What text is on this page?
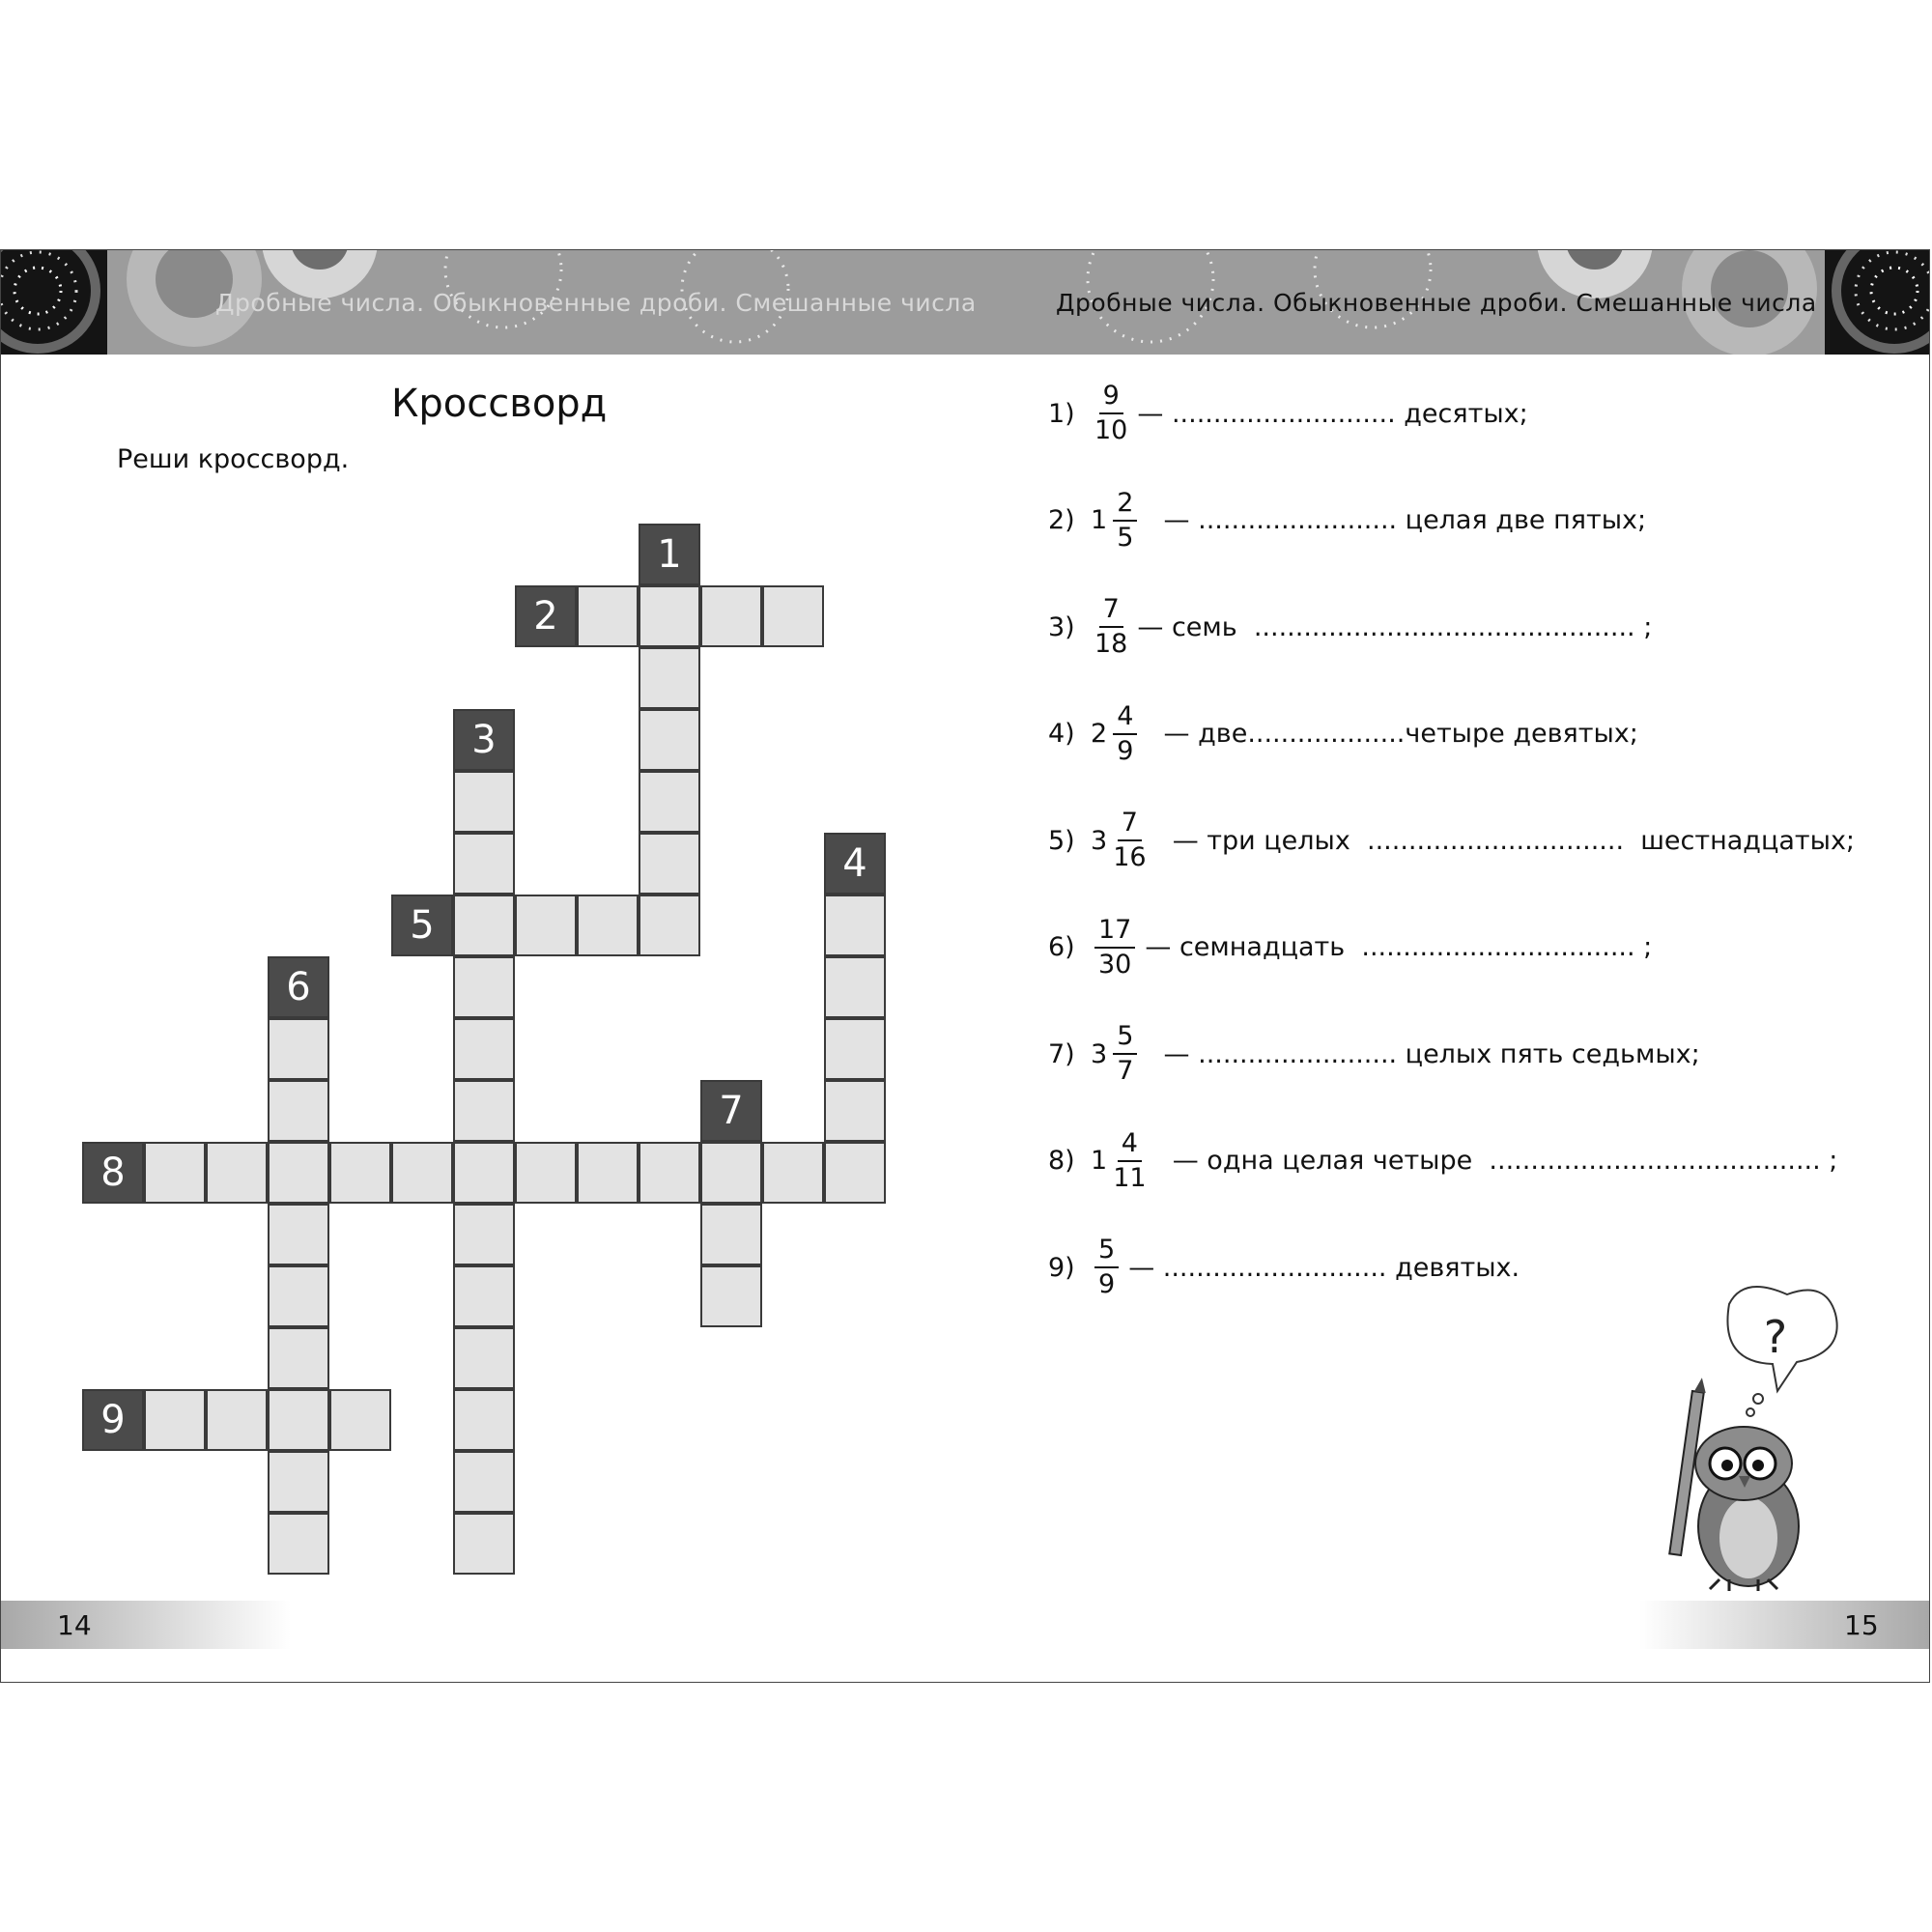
Дробные числа. Обыкновенные дроби. Смешанные числа	Дробные числа. Обыкновенные дроби. Смешанные числа
14	15
Кроссворд
Реши кроссворд.
1
2
3
4
5
6
7
8
9
$1) \frac{9}{10}$ — ........................... десятых;
2) $1 \frac{2}{5}$ — ........................ целая две пятых;
$3) \frac{7}{18}$ — семь  .............................................. ;
4) $2 \frac{4}{9}$ — две...................четыре девятых;
5) $3 \frac{7}{16}$ — три целых  ...............................  шестнадцатых;
$6) \frac{17}{30}$ — семнадцать  ................................. ;
7) $3 \frac{5}{7}$ — ........................ целых пять седьмых;
8) $1 \frac{4}{11}$ — одна целая четыре  ........................................ ;
$9) \frac{5}{9}$ — ........................... девятых.
?
